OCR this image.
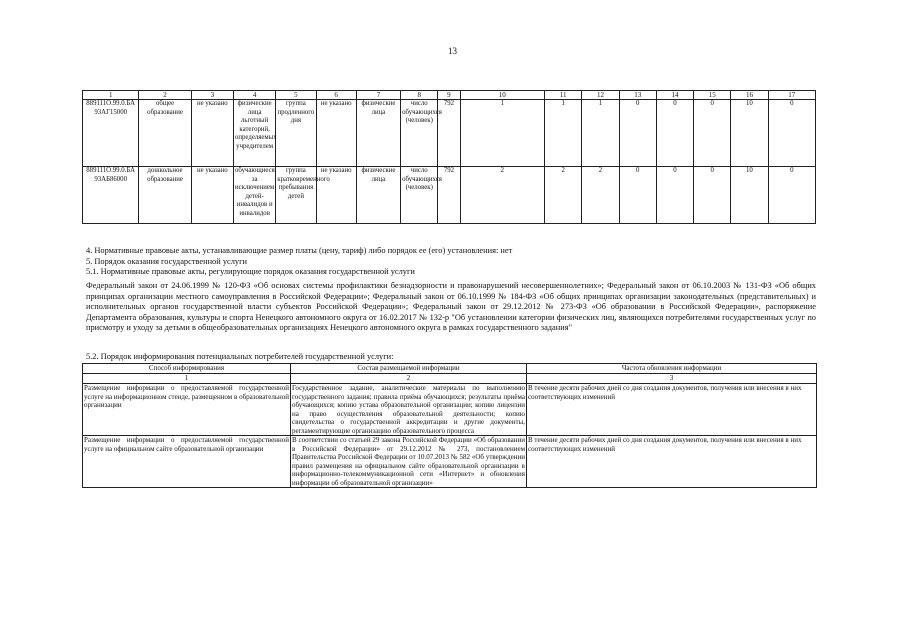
13
1	2	3	4	5	6	7	8	9	10	11	12	13	14	15	16	17
889111О.99.0.БА 93АГ15000	общее образование	не указано	физические лица льготный категорий, определяемых учредителем	группа продленного дня	не указано	физические лица	число обучающихся (человек)	792	1	1	1	0	0	0	10	0
889111О.99.0.БА 93АБ86000	дошкольное образование	не указано	обучающиеся, за исключением детей-инвалидов и инвалидов	группа кратковременного пребывания детей	не указано	физические лица	число обучающихся (человек)	792	2	2	2	0	0	0	10	0
4. Нормативные правовые акты, устанавливающие размер платы (цену, тариф) либо порядок ее (его) установления: нет
5. Порядок оказания государственной услуги
5.1. Нормативные правовые акты, регулирующие порядок оказания государственной услуги
Федеральный закон от 24.06.1999 № 120-ФЗ «Об основах системы профилактики безнадзорности и правонарушений несовершеннолетних»; Федеральный закон от 06.10.2003 № 131-ФЗ «Об общих принципах организации местного самоуправления в Российской Федерации»; Федеральный закон от 06.10.1999 № 184-ФЗ «Об общих принципах организации законодательных (представительных) и исполнительных органов государственной власти субъектов Российской Федерации»; Федеральный закон от 29.12.2012 № 273-ФЗ «Об образовании в Российской Федерации», распоряжение Департамента образования, культуры и спорта Ненецкого автономного округа от 16.02.2017 № 132-р "Об установлении категории физических лиц, являющихся потребителями государственных услуг по присмотру и уходу за детьми в общеобразовательных организациях Ненецкого автономного округа в рамках государственного задания"
5.2. Порядок информирования потенциальных потребителей государственной услуги:
Способ информирования	Состав размещаемой информации	Частота обновления информации
1	2	3
Размещение информации о предоставляемой государственной услуге на информационном стенде, размещенном в образовательной организации	Государственное задание, аналитические материалы по выполнению государственного задания; правила приёма обучающихся; результаты приёма обучающихся; копию устава образовательной организации; копию лицензии на право осуществления образовательной деятельности; копию свидетельства о государственной аккредитации и другие документы, регламентирующие организацию образовательного процесса	В течение десяти рабочих дней со дня создания документов, получения или внесения в них соответствующих изменений
Размещение информации о предоставляемой государственной услуге на официальном сайте образовательной организации	В соответствии со статьей 29 закона Российской Федерации «Об образовании в Российской Федерации» от 29.12.2012 № 273, постановлением Правительства Российской Федерации от 10.07.2013 № 582 «Об утверждении правил размещения на официальном сайте образовательной организации в информационно-телекоммуникационной сети «Интернет» и обновления информации об образовательной организации»	В течение десяти рабочих дней со дня создания документов, получения или внесения в них соответствующих изменений
